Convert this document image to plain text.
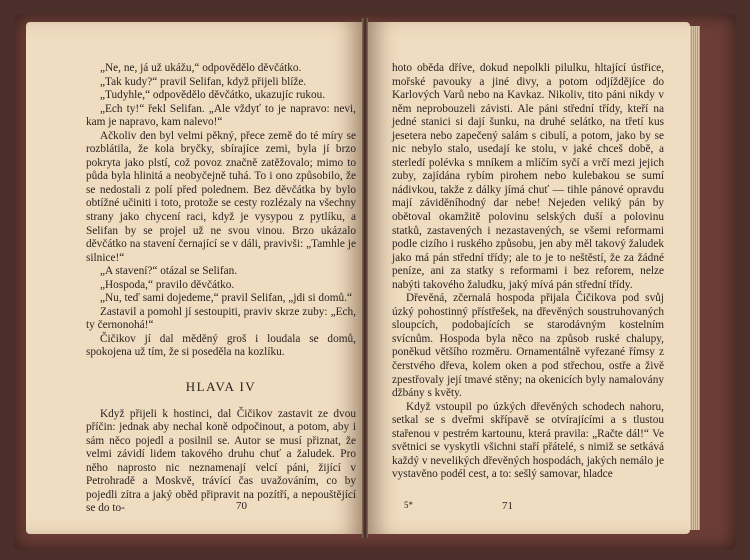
„Ne, ne, já už ukážu,“ odpovědělo děvčátko.

„Tak kudy?“ pravil Selifan, když přijeli blíže.

„Tudyhle,“ odpovědělo děvčátko, ukazujíc rukou.

„Ech ty!“ řekl Selifan. „Ale vždyť to je napravo: nevi, kam je napravo, kam nalevo!“

Ačkoliv den byl velmi pěkný, přece země do té míry se rozblátila, že kola bryčky, sbírajíce zemi, byla jí brzo pokryta jako plstí, což povoz značně zatěžovalo; mimo to půda byla hlinitá a neobyčejně tuhá. To i ono způsobilo, že se nedostali z polí před polednem. Bez děvčátka by bylo obtížné učiniti i toto, protože se cesty rozlézaly na všechny strany jako chycení raci, když je vysypou z pytlíku, a Selifan by se projel už ne svou vinou. Brzo ukázalo děvčátko na stavení černající se v dáli, pravivši: „Tamhle je silnice!“

„A stavení?“ otázal se Selifan.

„Hospoda,“ pravilo děvčátko.

„Nu, teď sami dojedeme,“ pravil Selifan, „jdi si domů.“

Zastavil a pomohl jí sestoupiti, praviv skrze zuby: „Ech, ty černonohá!“

Čičikov jí dal měděný groš i loudala se domů, spokojena už tím, že si poseděla na kozlíku.

HLAVA IV

Když přijeli k hostinci, dal Čičikov zastavit ze dvou příčin: jednak aby nechal koně odpočinout, a potom, aby i sám něco pojedl a posilnil se. Autor se musí přiznat, že velmi závidí lidem takového druhu chuť a žaludek. Pro něho naprosto nic neznamenají velcí páni, žijící v Petrohradě a Moskvě, trávící čas uvažováním, co by pojedli zítra a jaký oběd připravit na pozítří, a nepouštějící se do to-	70

hoto oběda dříve, dokud nepolkli pilulku, hltající ústřice, mořské pavouky a jiné divy, a potom odjíždějíce do Karlových Varů nebo na Kavkaz. Nikoliv, tito páni nikdy v něm neprobouzeli závisti. Ale páni střední třídy, kteří na jedné stanici si dají šunku, na druhé selátko, na třetí kus jesetera nebo zapečený salám s cibulí, a potom, jako by se nic nebylo stalo, usedají ke stolu, v jaké chceš době, a sterledí polévka s mníkem a mlíčím syčí a vrčí mezi jejich zuby, zajídána rybím pirohem nebo kulebakou se sumí nádivkou, takže z dálky jímá chuť — tihle pánové opravdu mají záviděníhodný dar nebe! Nejeden veliký pán by obětoval okamžitě polovinu selských duší a polovinu statků, zastavených i nezastavených, se všemi reformami podle cizího i ruského způsobu, jen aby měl takový žaludek jako má pán střední třídy; ale to je to neštěstí, že za žádné peníze, ani za statky s reformami i bez reforem, nelze nabýti takového žaludku, jaký mívá pán střední třídy.

Dřevěná, zčernalá hospoda přijala Čičikova pod svůj úzký pohostinný přístřešek, na dřevěných soustruhovaných sloupcích, podobajících se starodávným kostelním svícnům. Hospoda byla něco na způsob ruské chalupy, poněkud většího rozměru. Ornamentálně vyřezané římsy z čerstvého dřeva, kolem oken a pod střechou, ostře a živě zpestřovaly její tmavé stěny; na okenicích byly namalovány džbány s květy.

Když vstoupil po úzkých dřevěných schodech nahoru, setkal se s dveřmi skřípavě se otvírajícími a s tlustou stařenou v pestrém kartounu, která pravila: „Račte dál!“ Ve světnici se vyskytli všichni staří přátelé, s nimiž se setkává každý v nevelikých dřevěných hospodách, jakých nemálo je vystavěno podél cest, a to: sešlý samovar, hladce

5*	71
